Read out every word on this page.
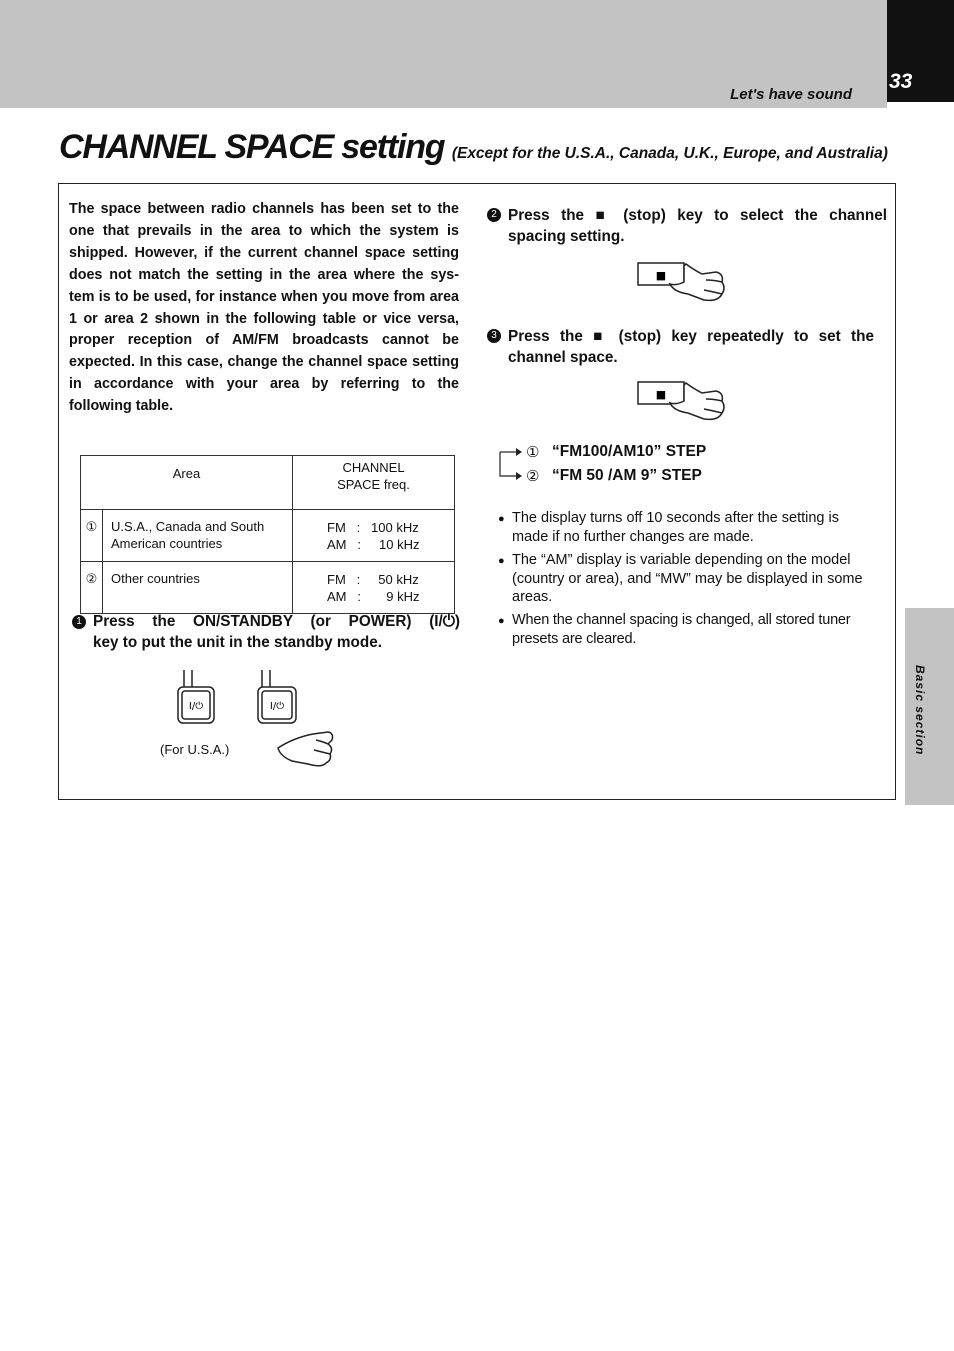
33
Let's have sound
Basic section
CHANNEL SPACE setting (Except for the U.S.A., Canada, U.K., Europe, and Australia)
The space between radio channels has been set to the one that prevails in the area to which the system is shipped. However, if the current channel space setting does not match the setting in the area where the sys- tem is to be used, for instance when you move from area 1 or area 2 shown in the following table or vice versa, proper reception of AM/FM broadcasts cannot be expected. In this case, change the channel space setting in accordance with your area by referring to the following table.
Area		CHANNEL
SPACE freq.

①	U.S.A., Canada and South American countries	FM   :   100 kHz
AM   :     10 kHz

②	Other countries	FM   :     50 kHz
AM   :       9 kHz
1 Press the ON/STANDBY (or POWER) (I/⏻)
key to put the unit in the standby mode.
I/⏻	I/⏻
(For U.S.A.)
2 Press the ■ (stop) key to select the channel
spacing setting.
■
3 Press the ■ (stop) key repeatedly to set the
channel space.
■
① “FM100/AM10” STEP
② “FM 50 /AM 9” STEP
● The display turns off 10 seconds after the setting is made if no further changes are made.
● The “AM” display is variable depending on the model (country or area), and “MW” may be displayed in some areas.
● When the channel spacing is changed, all stored tuner presets are cleared.
